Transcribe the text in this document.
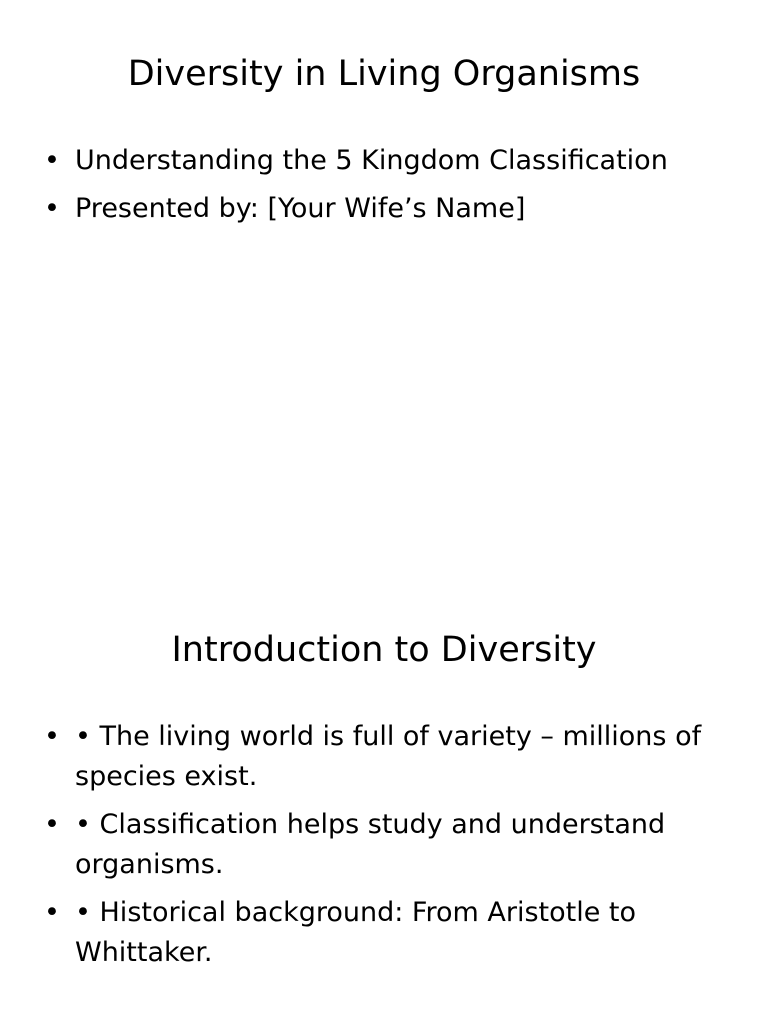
Diversity in Living Organisms
• Understanding the 5 Kingdom Classification
• Presented by: [Your Wife’s Name]
Introduction to Diversity
• • The living world is full of variety – millions of species exist.
• • Classification helps study and understand organisms.
• • Historical background: From Aristotle to Whittaker.
